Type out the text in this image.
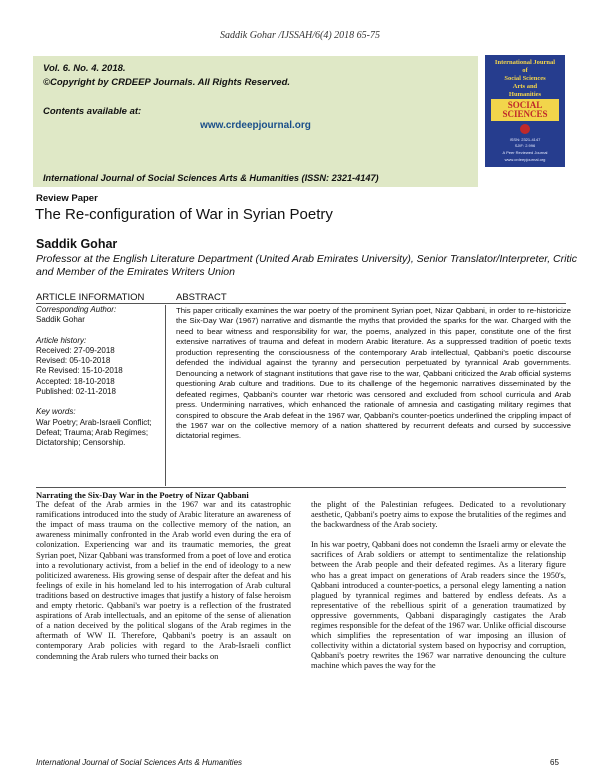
Saddik Gohar /IJSSAH/6(4) 2018 65-75
Vol. 6. No. 4. 2018.
©Copyright by CRDEEP Journals. All Rights Reserved.
Contents available at:
www.crdeepjournal.org
International Journal of Social Sciences Arts & Humanities (ISSN: 2321-4147)
International Journal
of
Social Sciences
Arts and
Humanities
SOCIAL SCIENCES
ISSN: 2321-4147
SJIF: 2.996
A Peer Reviewed Journal
www.crdeepjournal.org
Review Paper
The Re-configuration of War in Syrian Poetry
Saddik Gohar
Professor at the English Literature Department (United Arab Emirates University), Senior Translator/Interpreter, Critic and Member of the Emirates Writers Union
ARTICLE INFORMATION	ABSTRACT
Corresponding Author:
Saddik Gohar
Article history:
Received: 27-09-2018
Revised: 05-10-2018
Re Revised: 15-10-2018
Accepted: 18-10-2018
Published: 02-11-2018
Key words:
War Poetry; Arab-Israeli Conflict; Defeat; Trauma; Arab Regimes; Dictatorship; Censorship.
This paper critically examines the war poetry of the prominent Syrian poet, Nizar Qabbani, in order to re-historicize the Six-Day War (1967) narrative and dismantle the myths that provided the sparks for the war. Charged with the need to bear witness and responsibility for war, the poems, analyzed in this paper, constitute one of the first extensive narratives of trauma and defeat in modern Arabic literature. As a suppressed tradition of poetic texts production representing the consciousness of the contemporary Arab intellectual, Qabbani's poetic discourse defended the individual against the tyranny and persecution perpetuated by tyrannical Arab governments. Denouncing a network of stagnant institutions that gave rise to the war, Qabbani criticized the Arab official systems questioning Arab culture and traditions. Due to its challenge of the hegemonic narratives disseminated by the defeated regimes, Qabbani's counter war rhetoric was censored and excluded from school curricula and Arab press. Undermining narratives, which enhanced the rationale of amnesia and castigating military regimes that conspired to obscure the Arab defeat in the 1967 war, Qabbani's counter-poetics underlined the crippling impact of the 1967 war on the collective memory of a nation shattered by recurrent defeats and cursed by successive dictatorial regimes.
Narrating the Six-Day War in the Poetry of Nizar Qabbani
The defeat of the Arab armies in the 1967 war and its catastrophic ramifications introduced into the study of Arabic literature an awareness of the impact of mass trauma on the collective memory of the nation, an awareness minimally confronted in the Arab world even during the era of colonization. Experiencing war and its traumatic memories, the great Syrian poet, Nizar Qabbani was transformed from a poet of love and erotica into a revolutionary activist, from a belief in the end of ideology to a new politicized awareness. His growing sense of despair after the defeat and his feelings of exile in his homeland led to his interrogation of Arab cultural traditions based on destructive images that justify a history of false heroism and empty rhetoric. Qabbani's war poetry is a reflection of the frustrated aspirations of Arab intellectuals, and an epitome of the sense of alienation of a nation deceived by the political slogans of the Arab regimes in the aftermath of WW II. Therefore, Qabbani's poetry is an assault on contemporary Arab policies with regard to the Arab-Israeli conflict condemning the Arab rulers who turned their backs on

the plight of the Palestinian refugees. Dedicated to a revolutionary aesthetic, Qabbani's poetry aims to expose the brutalities of the regimes and the backwardness of the Arab society.

In his war poetry, Qabbani does not condemn the Israeli army or elevate the sacrifices of Arab soldiers or attempt to sentimentalize the relationship between the Arab people and their defeated regimes. As a literary figure who has a great impact on generations of Arab readers since the 1950's, Qabbani introduced a counter-poetics, a personal elegy lamenting a nation plagued by tyrannical regimes and battered by endless defeats. As a representative of the rebellious spirit of a generation traumatized by oppressive governments, Qabbani disparagingly castigates the Arab regimes responsible for the defeat of the 1967 war. Unlike official discourse which simplifies the representation of war imposing an illusion of collectivity within a dictatorial system based on hypocrisy and corruption, Qabbani's poetry rewrites the 1967 war narrative denouncing the culture machine which paves the way for the

International Journal of Social Sciences Arts & Humanities	65
